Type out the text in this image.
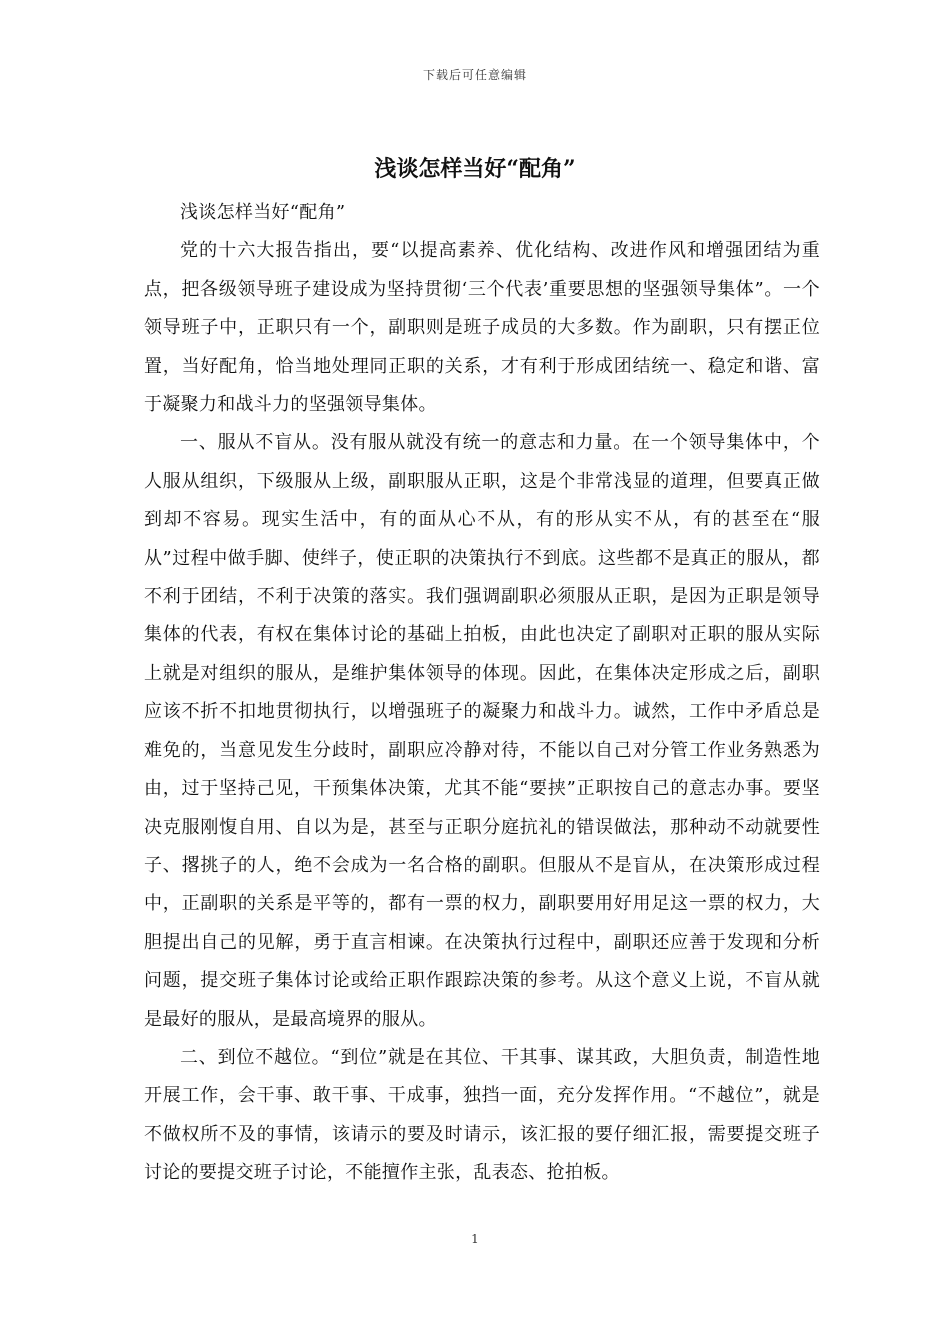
下载后可任意编辑
浅谈怎样当好“配角”

浅谈怎样当好“配角”

党的十六大报告指出，要“以提高素养、优化结构、改进作风和增强团结为重点，把各级领导班子建设成为坚持贯彻‘三个代表’重要思想的坚强领导集体”。一个领导班子中，正职只有一个，副职则是班子成员的大多数。作为副职，只有摆正位置，当好配角，恰当地处理同正职的关系，才有利于形成团结统一、稳定和谐、富于凝聚力和战斗力的坚强领导集体。

一、服从不盲从。没有服从就没有统一的意志和力量。在一个领导集体中，个人服从组织，下级服从上级，副职服从正职，这是个非常浅显的道理，但要真正做到却不容易。现实生活中，有的面从心不从，有的形从实不从，有的甚至在“服从”过程中做手脚、使绊子，使正职的决策执行不到底。这些都不是真正的服从，都不利于团结，不利于决策的落实。我们强调副职必须服从正职，是因为正职是领导集体的代表，有权在集体讨论的基础上拍板，由此也决定了副职对正职的服从实际上就是对组织的服从，是维护集体领导的体现。因此，在集体决定形成之后，副职应该不折不扣地贯彻执行，以增强班子的凝聚力和战斗力。诚然，工作中矛盾总是难免的，当意见发生分歧时，副职应冷静对待，不能以自己对分管工作业务熟悉为由，过于坚持己见，干预集体决策，尤其不能“要挟”正职按自己的意志办事。要坚决克服刚愎自用、自以为是，甚至与正职分庭抗礼的错误做法，那种动不动就要性子、撂挑子的人，绝不会成为一名合格的副职。但服从不是盲从，在决策形成过程中，正副职的关系是平等的，都有一票的权力，副职要用好用足这一票的权力，大胆提出自己的见解，勇于直言相谏。在决策执行过程中，副职还应善于发现和分析问题，提交班子集体讨论或给正职作跟踪决策的参考。从这个意义上说，不盲从就是最好的服从，是最高境界的服从。

二、到位不越位。“到位”就是在其位、干其事、谋其政，大胆负责，制造性地开展工作，会干事、敢干事、干成事，独挡一面，充分发挥作用。“不越位”，就是不做权所不及的事情，该请示的要及时请示，该汇报的要仔细汇报，需要提交班子讨论的要提交班子讨论，不能擅作主张，乱表态、抢拍板。

1
